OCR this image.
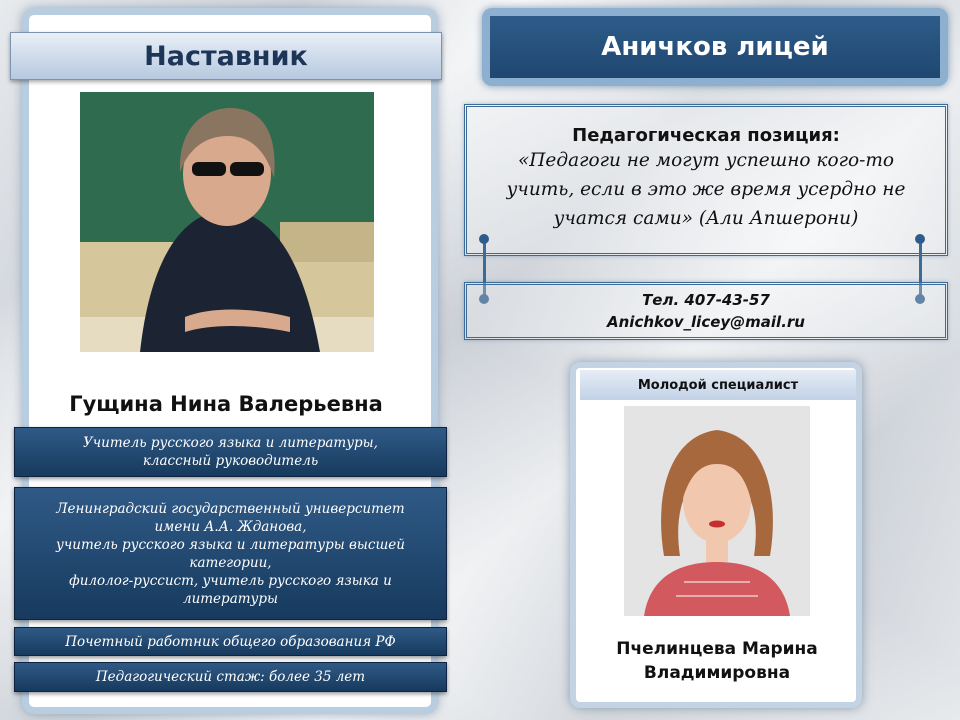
Наставник
Гущина Нина Валерьевна
Учитель русского языка и литературы,
классный руководитель
Ленинградский государственный университет
имени А.А. Жданова,
учитель русского языка и литературы высшей
категории,
филолог-руссист, учитель русского языка и
литературы
Почетный работник общего образования РФ
Педагогический стаж: более 35 лет
Аничков лицей
Педагогическая позиция:
«Педагоги не могут успешно кого-то
учить, если в это же время усердно не
учатся сами» (Али Апшерони)
Тел. 407-43-57
Anichkov_licey@mail.ru
Молодой специалист
Пчелинцева Марина
Владимировна
